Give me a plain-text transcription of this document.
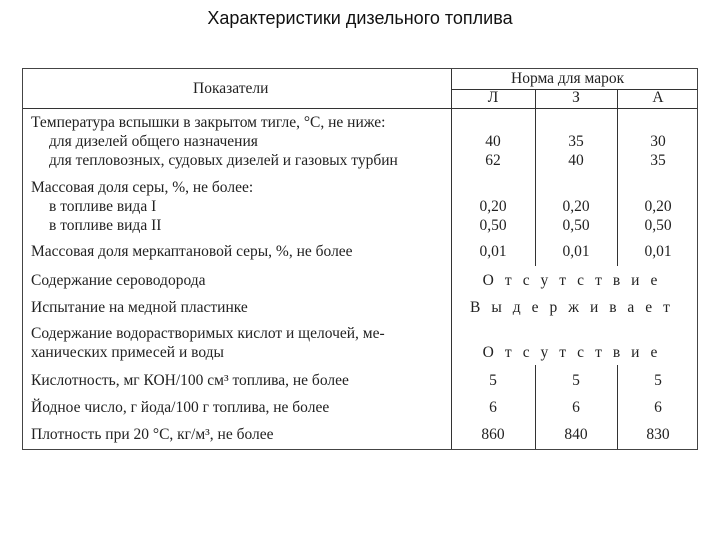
Характеристики дизельного топлива
Показатели
Норма для марок
Л	З	А
Температура вспышки в закрытом тигле, °С, не ниже:
для дизелей общего назначения	40	35	30
для тепловозных, судовых дизелей и газовых турбин	62	40	35
Массовая доля серы, %, не более:
в топливе вида I	0,20	0,20	0,20
в топливе вида II	0,50	0,50	0,50
Массовая доля меркаптановой серы, %, не более	0,01	0,01	0,01
Содержание сероводорода	Отсутствие
Испытание на медной пластинке	Выдерживает
Содержание водорастворимых кислот и щелочей, ме-
ханических примесей и воды	Отсутствие
Кислотность, мг КОН/100 см³ топлива, не более	5	5	5
Йодное число, г йода/100 г топлива, не более	6	6	6
Плотность при 20 °С, кг/м³, не более	860	840	830
